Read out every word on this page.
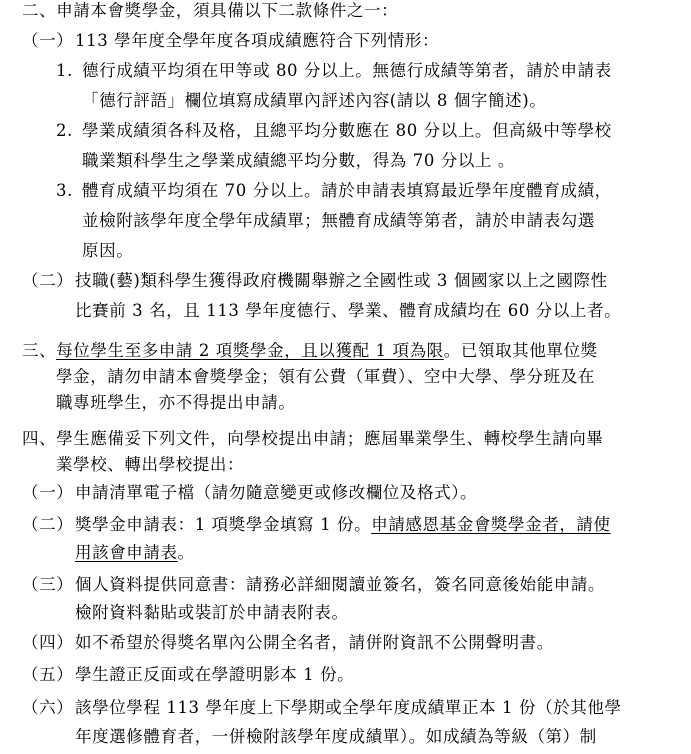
二、申請本會獎學金，須具備以下二款條件之一：
（一） 113 學年度全學年度各項成績應符合下列情形：
1. 德行成績平均須在甲等或 80 分以上。無德行成績等第者，請於申請表
「德行評語」欄位填寫成績單內評述內容(請以 8 個字簡述)。
2. 學業成績須各科及格，且總平均分數應在 80 分以上。但高級中等學校
職業類科學生之學業成績總平均分數，得為 70 分以上 。
3. 體育成績平均須在 70 分以上。請於申請表填寫最近學年度體育成績，
並檢附該學年度全學年成績單；無體育成績等第者，請於申請表勾選
原因。
（二） 技職(藝)類科學生獲得政府機關舉辦之全國性或 3 個國家以上之國際性
比賽前 3 名，且 113 學年度德行、學業、體育成績均在 60 分以上者。
三、每位學生至多申請 2 項獎學金，且以獲配 1 項為限。已領取其他單位獎
學金，請勿申請本會獎學金；領有公費（軍費）、空中大學、學分班及在
職專班學生，亦不得提出申請。
四、學生應備妥下列文件，向學校提出申請；應屆畢業學生、轉校學生請向畢
業學校、轉出學校提出：
（一） 申請清單電子檔（請勿隨意變更或修改欄位及格式）。
（二） 獎學金申請表：1 項獎學金填寫 1 份。申請感恩基金會獎學金者，請使
用該會申請表。
（三） 個人資料提供同意書：請務必詳細閱讀並簽名，簽名同意後始能申請。
檢附資料黏貼或裝訂於申請表附表。
（四） 如不希望於得獎名單內公開全名者，請併附資訊不公開聲明書。
（五） 學生證正反面或在學證明影本 1 份。
（六） 該學位學程 113 學年度上下學期或全學年度成績單正本 1 份（於其他學
年度選修體育者，一併檢附該學年度成績單）。如成績為等級（第）制
